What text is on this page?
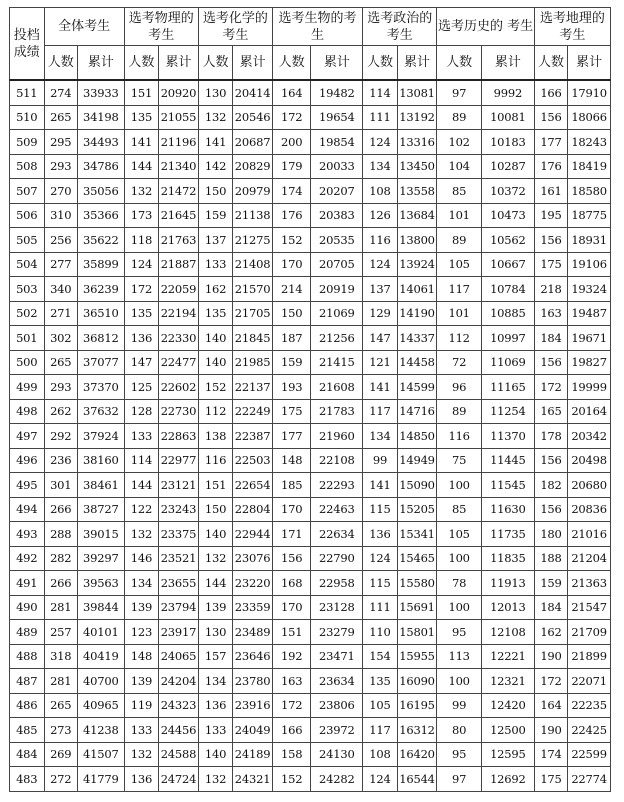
投档成绩	全体考生		选考物理的考生		选考化学的考生		选考生物的考生		选考政治的考生		选考历史的 考生		选考地理的考生	
	人数	累计	人数	累计	人数	累计	人数	累计	人数	累计	人数	累计	人数	累计
511	274	33933	151	20920	130	20414	164	19482	114	13081	97	9992	166	17910
510	265	34198	135	21055	132	20546	172	19654	111	13192	89	10081	156	18066
509	295	34493	141	21196	141	20687	200	19854	124	13316	102	10183	177	18243
508	293	34786	144	21340	142	20829	179	20033	134	13450	104	10287	176	18419
507	270	35056	132	21472	150	20979	174	20207	108	13558	85	10372	161	18580
506	310	35366	173	21645	159	21138	176	20383	126	13684	101	10473	195	18775
505	256	35622	118	21763	137	21275	152	20535	116	13800	89	10562	156	18931
504	277	35899	124	21887	133	21408	170	20705	124	13924	105	10667	175	19106
503	340	36239	172	22059	162	21570	214	20919	137	14061	117	10784	218	19324
502	271	36510	135	22194	135	21705	150	21069	129	14190	101	10885	163	19487
501	302	36812	136	22330	140	21845	187	21256	147	14337	112	10997	184	19671
500	265	37077	147	22477	140	21985	159	21415	121	14458	72	11069	156	19827
499	293	37370	125	22602	152	22137	193	21608	141	14599	96	11165	172	19999
498	262	37632	128	22730	112	22249	175	21783	117	14716	89	11254	165	20164
497	292	37924	133	22863	138	22387	177	21960	134	14850	116	11370	178	20342
496	236	38160	114	22977	116	22503	148	22108	99	14949	75	11445	156	20498
495	301	38461	144	23121	151	22654	185	22293	141	15090	100	11545	182	20680
494	266	38727	122	23243	150	22804	170	22463	115	15205	85	11630	156	20836
493	288	39015	132	23375	140	22944	171	22634	136	15341	105	11735	180	21016
492	282	39297	146	23521	132	23076	156	22790	124	15465	100	11835	188	21204
491	266	39563	134	23655	144	23220	168	22958	115	15580	78	11913	159	21363
490	281	39844	139	23794	139	23359	170	23128	111	15691	100	12013	184	21547
489	257	40101	123	23917	130	23489	151	23279	110	15801	95	12108	162	21709
488	318	40419	148	24065	157	23646	192	23471	154	15955	113	12221	190	21899
487	281	40700	139	24204	134	23780	163	23634	135	16090	100	12321	172	22071
486	265	40965	119	24323	136	23916	172	23806	105	16195	99	12420	164	22235
485	273	41238	133	24456	133	24049	166	23972	117	16312	80	12500	190	22425
484	269	41507	132	24588	140	24189	158	24130	108	16420	95	12595	174	22599
483	272	41779	136	24724	132	24321	152	24282	124	16544	97	12692	175	22774
